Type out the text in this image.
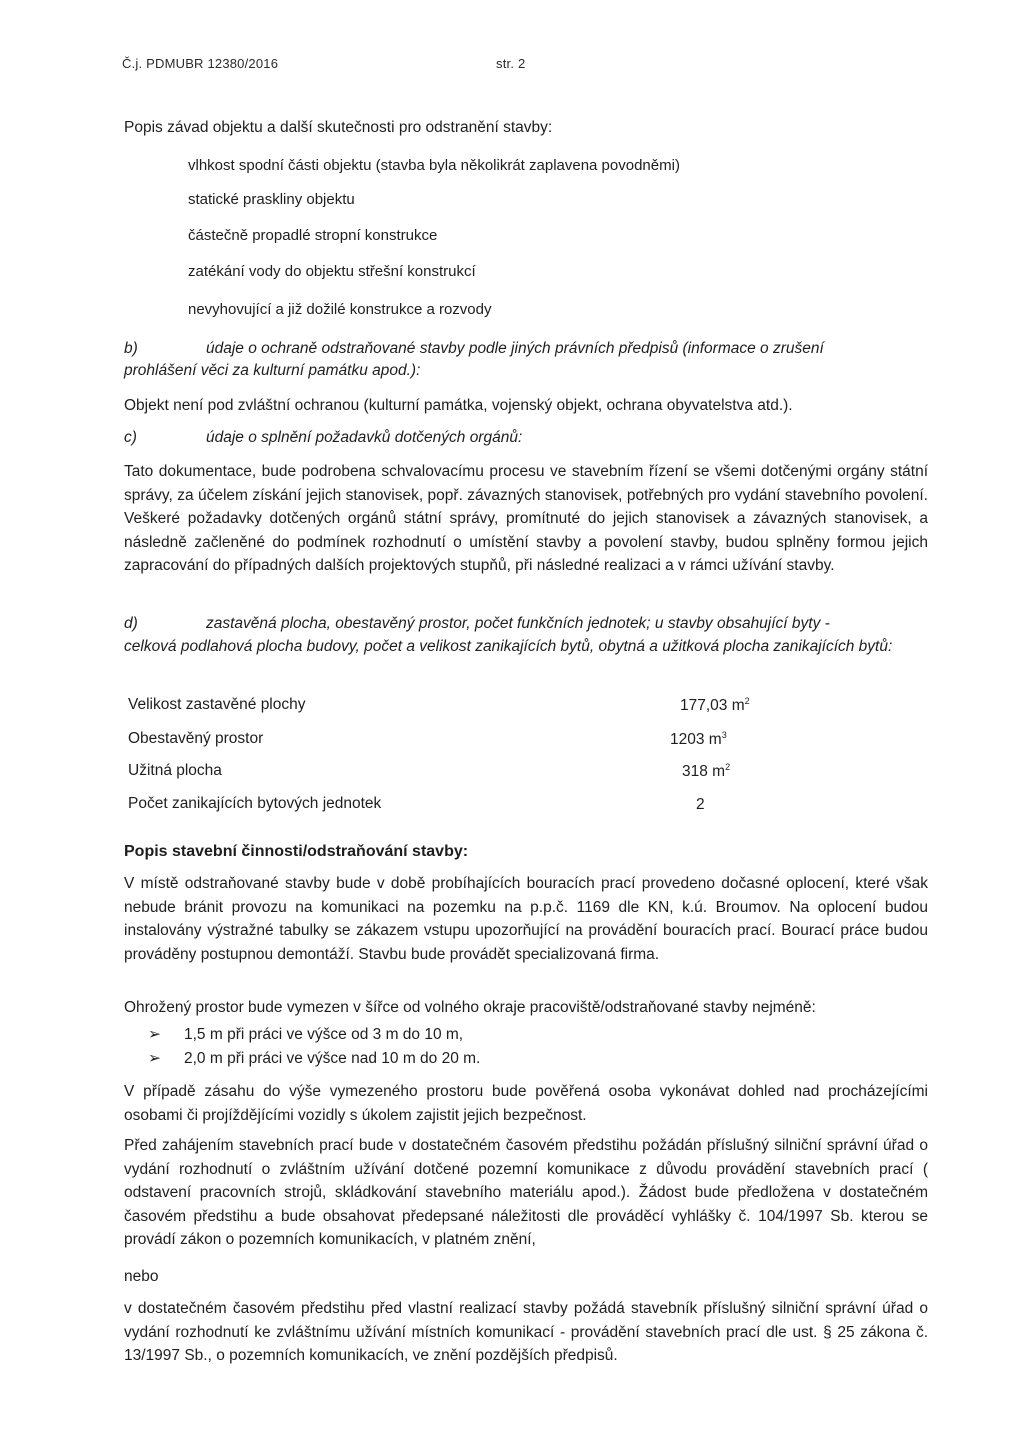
Č.j. PDMUBR 12380/2016	str. 2
Popis závad objektu a další skutečnosti pro odstranění stavby:
vlhkost spodní části objektu (stavba byla několikrát zaplavena povodněmi)
statické praskliny objektu
částečně propadlé stropní konstrukce
zatékání vody do objektu střešní konstrukcí
nevyhovující a již dožilé konstrukce a rozvody
b)	údaje o ochraně odstraňované stavby podle jiných právních předpisů (informace o zrušení
prohlášení věci za kulturní památku apod.):
Objekt není pod zvláštní ochranou (kulturní památka, vojenský objekt, ochrana obyvatelstva atd.).
c)	údaje o splnění požadavků dotčených orgánů:
Tato dokumentace, bude podrobena schvalovacímu procesu ve stavebním řízení se všemi dotčenými orgány státní správy, za účelem získání jejich stanovisek, popř. závazných stanovisek, potřebných pro vydání stavebního povolení. Veškeré požadavky dotčených orgánů státní správy, promítnuté do jejich stanovisek a závazných stanovisek, a následně začleněné do podmínek rozhodnutí o umístění stavby a povolení stavby, budou splněny formou jejich zapracování do případných dalších projektových stupňů, při následné realizaci a v rámci užívání stavby.
d)	zastavěná plocha, obestavěný prostor, počet funkčních jednotek; u stavby obsahující byty -
celková podlahová plocha budovy, počet a velikost zanikajících bytů, obytná a užitková plocha zanikajících bytů:
Velikost zastavěné plochy	177,03 $m^2$
Obestavěný prostor	1203 $m^3$
Užitná plocha	318 $m^2$
Počet zanikajících bytových jednotek	2
Popis stavební činnosti/odstraňování stavby:
V místě odstraňované stavby bude v době probíhajících bouracích prací provedeno dočasné oplocení, které však nebude bránit provozu na komunikaci na pozemku na p.p.č. 1169 dle KN, k.ú. Broumov. Na oplocení budou instalovány výstražné tabulky se zákazem vstupu upozorňující na provádění bouracích prací. Bourací práce budou prováděny postupnou demontáží. Stavbu bude provádět specializovaná firma.
Ohrožený prostor bude vymezen v šířce od volného okraje pracoviště/odstraňované stavby nejméně:
➢ 1,5 m při práci ve výšce od 3 m do 10 m,
➢ 2,0 m při práci ve výšce nad 10 m do 20 m.
V případě zásahu do výše vymezeného prostoru bude pověřená osoba vykonávat dohled nad procházejícími osobami či projíždějícími vozidly s úkolem zajistit jejich bezpečnost.
Před zahájením stavebních prací bude v dostatečném časovém předstihu požádán příslušný silniční správní úřad o vydání rozhodnutí o zvláštním užívání dotčené pozemní komunikace z důvodu provádění stavebních prací ( odstavení pracovních strojů, skládkování stavebního materiálu apod.). Žádost bude předložena v dostatečném časovém předstihu a bude obsahovat předepsané náležitosti dle prováděcí vyhlášky č. 104/1997 Sb. kterou se provádí zákon o pozemních komunikacích, v platném znění,
nebo
v dostatečném časovém předstihu před vlastní realizací stavby požádá stavebník příslušný silniční správní úřad o vydání rozhodnutí ke zvláštnímu užívání místních komunikací - provádění stavebních prací dle ust. § 25 zákona č. 13/1997 Sb., o pozemních komunikacích, ve znění pozdějších předpisů.
